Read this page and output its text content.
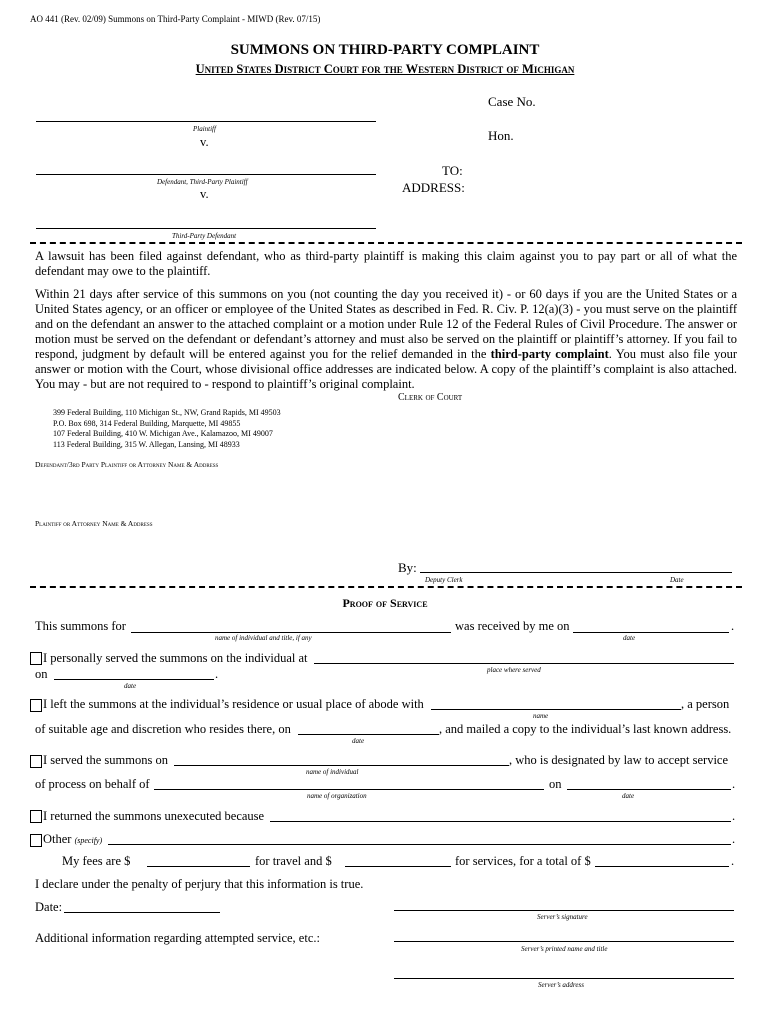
AO 441 (Rev. 02/09) Summons on Third-Party Complaint - MIWD (Rev. 07/15)
SUMMONS ON THIRD-PARTY COMPLAINT
United States District Court for the Western District of Michigan
Plaintiff
v.
Defendant, Third-Party Plaintiff
v.
Third-Party Defendant
Case No.
Hon.
TO:
ADDRESS:

A lawsuit has been filed against defendant, who as third-party plaintiff is making this claim against you to pay part or all of what the defendant may owe to the plaintiff.

Within 21 days after service of this summons on you (not counting the day you received it) - or 60 days if you are the United States or a United States agency, or an officer or employee of the United States as described in Fed. R. Civ. P. 12(a)(3) - you must serve on the plaintiff and on the defendant an answer to the attached complaint or a motion under Rule 12 of the Federal Rules of Civil Procedure. The answer or motion must be served on the defendant or defendant’s attorney and must also be served on the plaintiff or plaintiff’s attorney. If you fail to respond, judgment by default will be entered against you for the relief demanded in the third-party complaint. You must also file your answer or motion with the Court, whose divisional office addresses are indicated below. A copy of the plaintiff’s complaint is also attached. You may - but are not required to - respond to plaintiff’s original complaint.

Clerk of Court
399 Federal Building, 110 Michigan St., NW, Grand Rapids, MI 49503
P.O. Box 698, 314 Federal Building, Marquette, MI 49855
107 Federal Building, 410 W. Michigan Ave., Kalamazoo, MI 49007
113 Federal Building, 315 W. Allegan, Lansing, MI 48933
Defendant/3rd Party Plaintiff or Attorney Name & Address
Plaintiff or Attorney Name & Address
By:
Deputy Clerk	Date
Proof of Service
This summons for
name of individual and title, if any
was received by me on	.
date
I personally served the summons on the individual at
place where served
on	.
date
I left the summons at the individual’s residence or usual place of abode with	, a person
name
of suitable age and discretion who resides there, on	, and mailed a copy to the individual’s last known address.
date
I served the summons on	, who is designated by law to accept service
name of individual
of process on behalf of
name of organization
on	.
date
I returned the summons unexecuted because	.
Other (specify)	.
My fees are $	for travel and $	for services, for a total of $	.
I declare under the penalty of perjury that this information is true.
Date:
Server’s signature
Additional information regarding attempted service, etc.:
Server’s printed name and title
Server’s address
